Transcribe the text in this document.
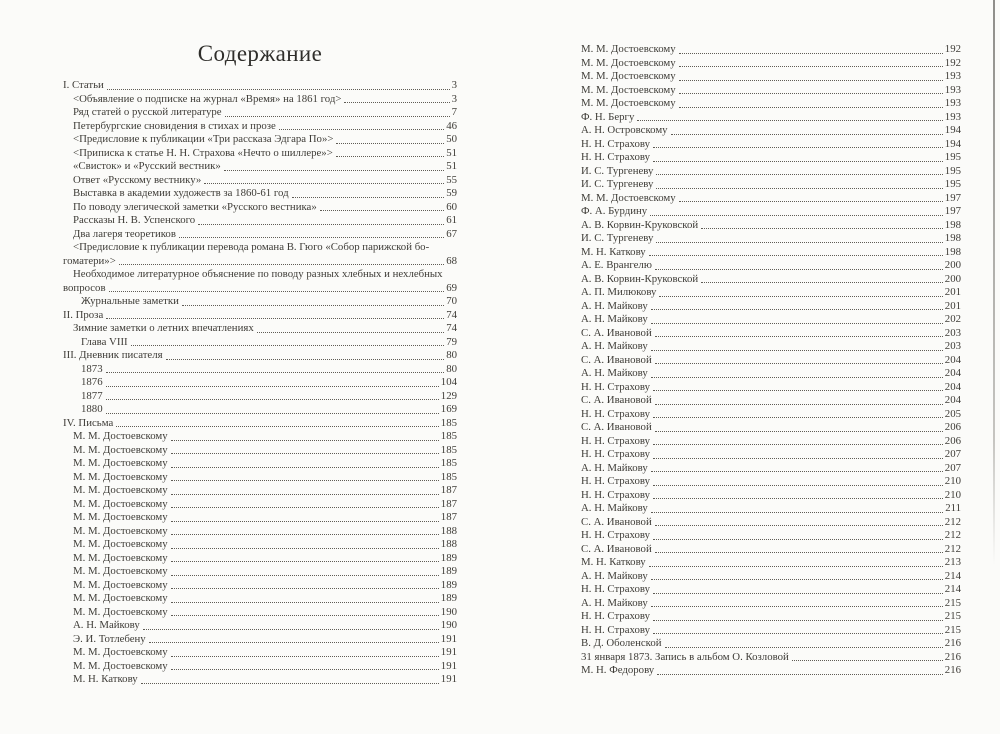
Содержание
I. Статьи	3
<Объявление о подписке на журнал «Время» на 1861 год>	3
Ряд статей о русской литературе	7
Петербургские сновидения в стихах и прозе	46
<Предисловие к публикации «Три рассказа Эдгара По»>	50
<Приписка к статье Н. Н. Страхова «Нечто о шиллере»>	51
«Свисток» и «Русский вестник»	51
Ответ «Русскому вестнику»	55
Выставка в академии художеств за 1860-61 год	59
По поводу элегической заметки «Русского вестника»	60
Рассказы Н. В. Успенского	61
Два лагеря теоретиков	67
<Предисловие к публикации перевода романа В. Гюго «Собор парижской бо-
гоматери»>	68
Необходимое литературное объяснение по поводу разных хлебных и нехлебных
вопросов	69
Журнальные заметки	70
II. Проза	74
Зимние заметки о летних впечатлениях	74
Глава VIII	79
III. Дневник писателя	80
1873	80
1876	104
1877	129
1880	169
IV. Письма	185
М. М. Достоевскому	185
М. М. Достоевскому	185
М. М. Достоевскому	185
М. М. Достоевскому	185
М. М. Достоевскому	187
М. М. Достоевскому	187
М. М. Достоевскому	187
М. М. Достоевскому	188
М. М. Достоевскому	188
М. М. Достоевскому	189
М. М. Достоевскому	189
М. М. Достоевскому	189
М. М. Достоевскому	189
М. М. Достоевскому	190
А. Н. Майкову	190
Э. И. Тотлебену	191
М. М. Достоевскому	191
М. М. Достоевскому	191
М. Н. Каткову	191
М. М. Достоевскому	192
М. М. Достоевскому	192
М. М. Достоевскому	193
М. М. Достоевскому	193
М. М. Достоевскому	193
Ф. Н. Бергу	193
А. Н. Островскому	194
Н. Н. Страхову	194
Н. Н. Страхову	195
И. С. Тургеневу	195
И. С. Тургеневу	195
М. М. Достоевскому	197
Ф. А. Бурдину	197
А. В. Корвин-Круковской	198
И. С. Тургеневу	198
М. Н. Каткову	198
А. Е. Врангелю	200
А. В. Корвин-Круковской	200
А. П. Милюкову	201
А. Н. Майкову	201
А. Н. Майкову	202
С. А. Ивановой	203
А. Н. Майкову	203
С. А. Ивановой	204
А. Н. Майкову	204
Н. Н. Страхову	204
С. А. Ивановой	204
Н. Н. Страхову	205
С. А. Ивановой	206
Н. Н. Страхову	206
Н. Н. Страхову	207
А. Н. Майкову	207
Н. Н. Страхову	210
Н. Н. Страхову	210
А. Н. Майкову	211
С. А. Ивановой	212
Н. Н. Страхову	212
С. А. Ивановой	212
М. Н. Каткову	213
А. Н. Майкову	214
Н. Н. Страхову	214
А. Н. Майкову	215
Н. Н. Страхову	215
Н. Н. Страхову	215
В. Д. Оболенской	216
31 января 1873. Запись в альбом О. Козловой	216
М. Н. Федорову	216
